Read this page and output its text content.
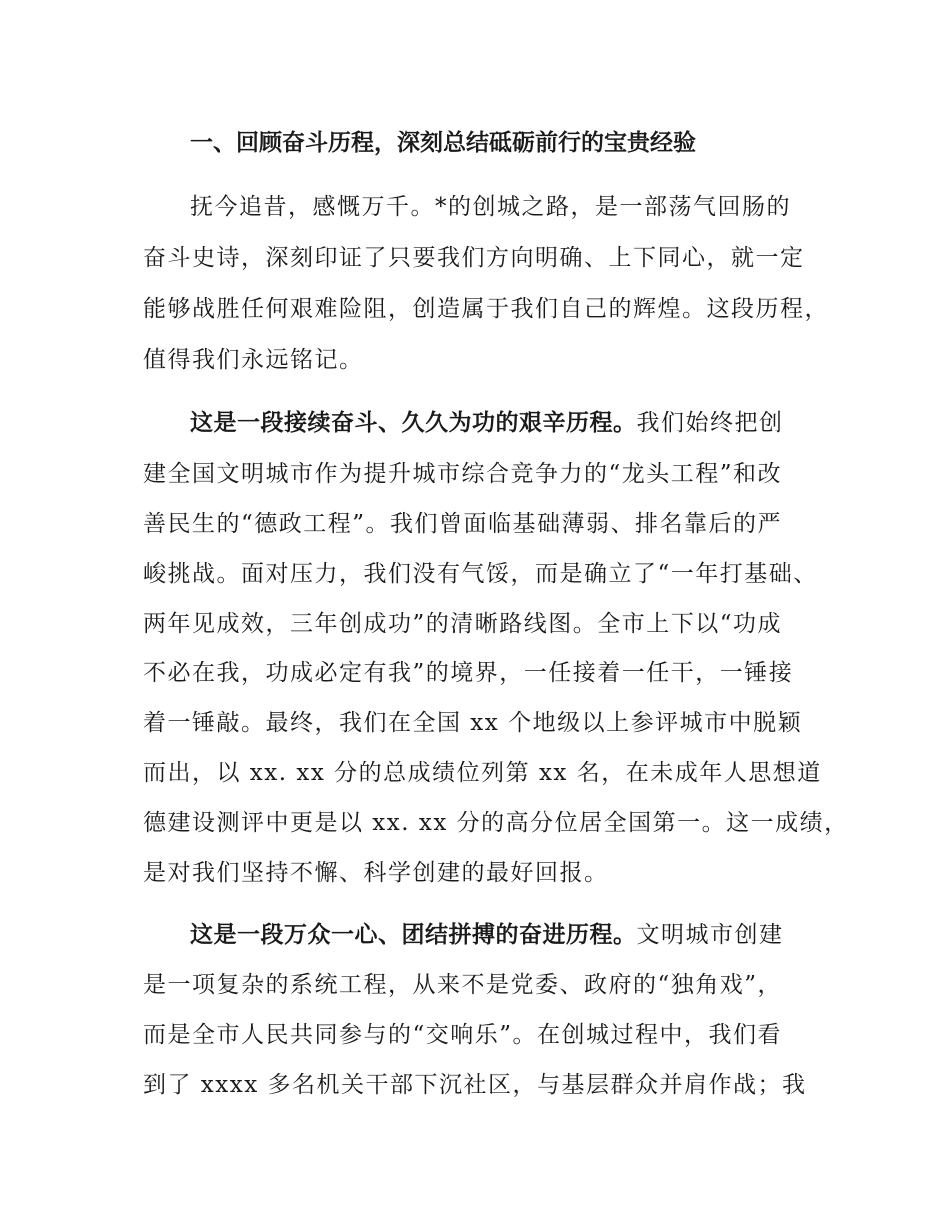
一、回顾奋斗历程，深刻总结砥砺前行的宝贵经验

抚今追昔，感慨万千。*的创城之路，是一部荡气回肠的

奋斗史诗，深刻印证了只要我们方向明确、上下同心，就一定

能够战胜任何艰难险阻，创造属于我们自己的辉煌。这段历程，

值得我们永远铭记。

这是一段接续奋斗、久久为功的艰辛历程。我们始终把创

建全国文明城市作为提升城市综合竞争力的“龙头工程”和改

善民生的“德政工程”。我们曾面临基础薄弱、排名靠后的严

峻挑战。面对压力，我们没有气馁，而是确立了“一年打基础、

两年见成效，三年创成功”的清晰路线图。全市上下以“功成

不必在我，功成必定有我”的境界，一任接着一任干，一锤接

着一锤敲。最终，我们在全国 xx 个地级以上参评城市中脱颖

而出，以 xx. xx 分的总成绩位列第 xx 名，在未成年人思想道

德建设测评中更是以 xx. xx 分的高分位居全国第一。这一成绩，

是对我们坚持不懈、科学创建的最好回报。

这是一段万众一心、团结拼搏的奋进历程。文明城市创建

是一项复杂的系统工程，从来不是党委、政府的“独角戏”，

而是全市人民共同参与的“交响乐”。在创城过程中，我们看

到了 xxxx 多名机关干部下沉社区，与基层群众并肩作战；我
